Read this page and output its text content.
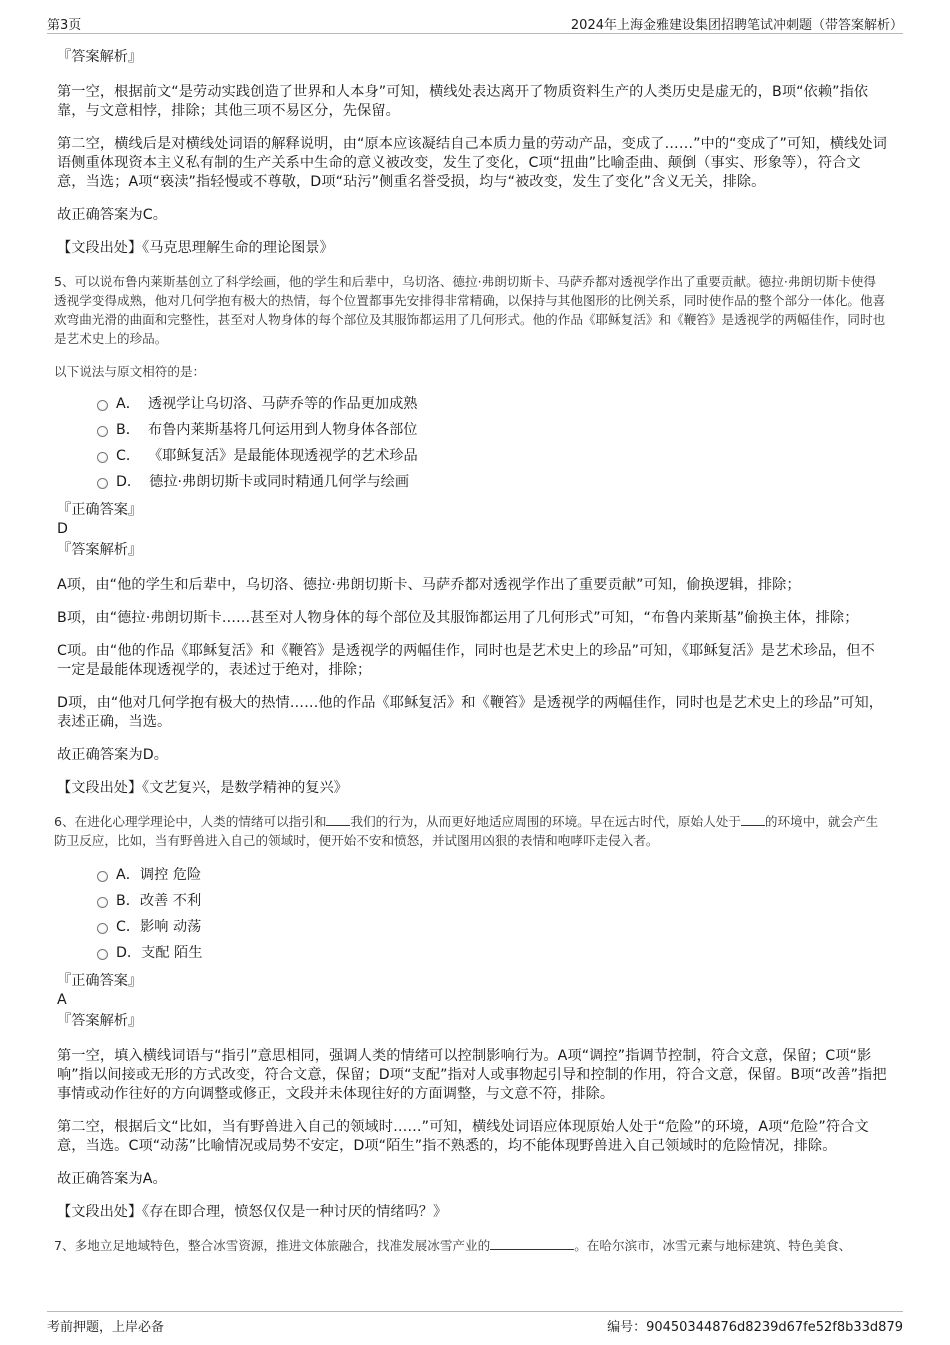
第3页	2024年上海金雅建设集团招聘笔试冲刺题（带答案解析）
『答案解析』
第一空，根据前文“是劳动实践创造了世界和人本身”可知，横线处表达离开了物质资料生产的人类历史是虚无的，B项“依赖”指依靠，与文意相悖，排除；其他三项不易区分，先保留。
第二空，横线后是对横线处词语的解释说明，由“原本应该凝结自己本质力量的劳动产品，变成了……”中的“变成了”可知，横线处词语侧重体现资本主义私有制的生产关系中生命的意义被改变，发生了变化，C项“扭曲”比喻歪曲、颠倒（事实、形象等），符合文意，当选；A项“亵渎”指轻慢或不尊敬，D项“玷污”侧重名誉受损，均与“被改变，发生了变化”含义无关，排除。
故正确答案为C。
【文段出处】《马克思理解生命的理论图景》
5、可以说布鲁内莱斯基创立了科学绘画，他的学生和后辈中，乌切洛、德拉·弗朗切斯卡、马萨乔都对透视学作出了重要贡献。德拉·弗朗切斯卡使得透视学变得成熟，他对几何学抱有极大的热情，每个位置都事先安排得非常精确，以保持与其他图形的比例关系，同时使作品的整个部分一体化。他喜欢弯曲光滑的曲面和完整性，甚至对人物身体的每个部位及其服饰都运用了几何形式。他的作品《耶稣复活》和《鞭笞》是透视学的两幅佳作，同时也是艺术史上的珍品。
以下说法与原文相符的是：
A． 透视学让乌切洛、马萨乔等的作品更加成熟
B． 布鲁内莱斯基将几何运用到人物身体各部位
C． 《耶稣复活》是最能体现透视学的艺术珍品
D． 德拉·弗朗切斯卡或同时精通几何学与绘画
『正确答案』
D
『答案解析』
A项，由“他的学生和后辈中，乌切洛、德拉·弗朗切斯卡、马萨乔都对透视学作出了重要贡献”可知，偷换逻辑，排除；
B项，由“德拉·弗朗切斯卡……甚至对人物身体的每个部位及其服饰都运用了几何形式”可知，“布鲁内莱斯基”偷换主体，排除；
C项。由“他的作品《耶稣复活》和《鞭笞》是透视学的两幅佳作，同时也是艺术史上的珍品”可知，《耶稣复活》是艺术珍品，但不一定是最能体现透视学的，表述过于绝对，排除；
D项，由“他对几何学抱有极大的热情……他的作品《耶稣复活》和《鞭笞》是透视学的两幅佳作，同时也是艺术史上的珍品”可知，表述正确，当选。
故正确答案为D。
【文段出处】《文艺复兴，是数学精神的复兴》
6、在进化心理学理论中，人类的情绪可以指引和 我们的行为，从而更好地适应周围的环境。早在远古时代，原始人处于 的环境中，就会产生防卫反应，比如，当有野兽进入自己的领域时，便开始不安和愤怒，并试图用凶狠的表情和咆哮吓走侵入者。
A． 调控 危险
B． 改善 不利
C． 影响 动荡
D． 支配 陌生
『正确答案』
A
『答案解析』
第一空，填入横线词语与“指引”意思相同，强调人类的情绪可以控制影响行为。A项“调控”指调节控制，符合文意，保留；C项“影响”指以间接或无形的方式改变，符合文意，保留；D项“支配”指对人或事物起引导和控制的作用，符合文意，保留。B项“改善”指把事情或动作往好的方向调整或修正，文段并未体现往好的方面调整，与文意不符，排除。
第二空，根据后文“比如，当有野兽进入自己的领域时……”可知，横线处词语应体现原始人处于“危险”的环境，A项“危险”符合文意，当选。C项“动荡”比喻情况或局势不安定，D项“陌生”指不熟悉的，均不能体现野兽进入自己领域时的危险情况，排除。
故正确答案为A。
【文段出处】《存在即合理，愤怒仅仅是一种讨厌的情绪吗？》
7、多地立足地域特色，整合冰雪资源，推进文体旅融合，找准发展冰雪产业的	。在哈尔滨市，冰雪元素与地标建筑、特色美食、
考前押题，上岸必备	编号：90450344876d8239d67fe52f8b33d879
